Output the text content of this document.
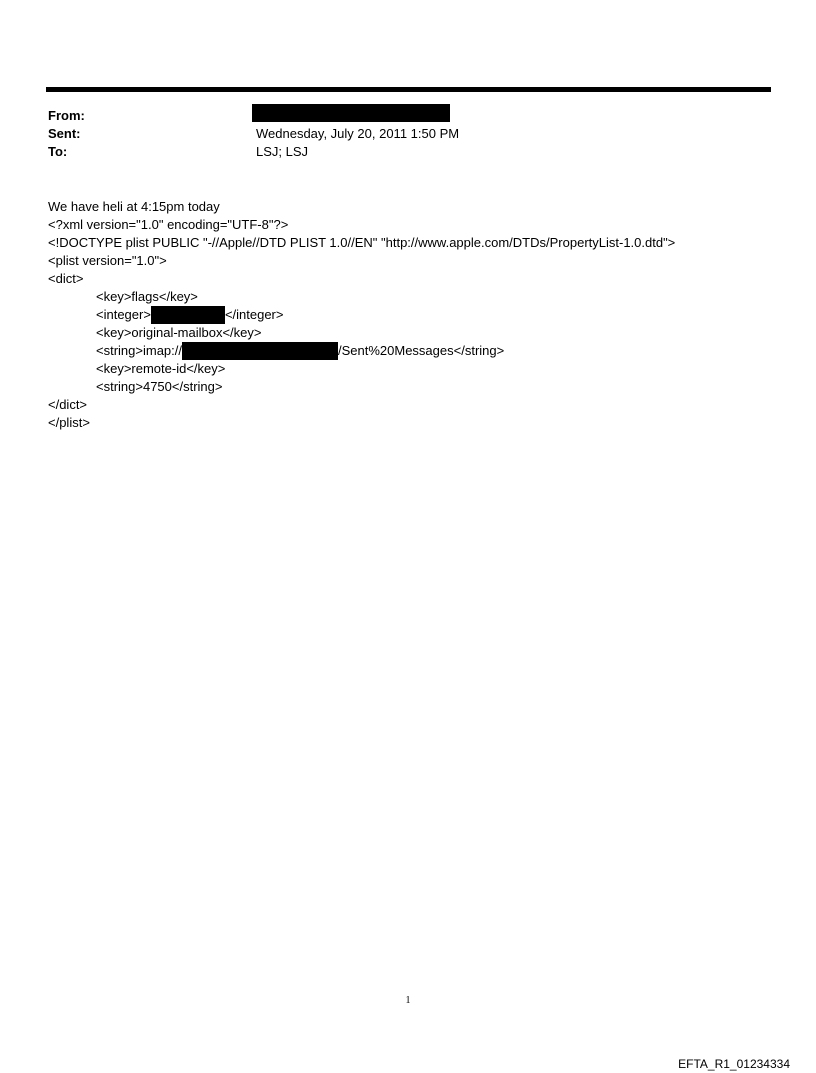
From:
Sent:	Wednesday, July 20, 2011 1:50 PM
To:	LSJ; LSJ
We have heli at 4:15pm today
<?xml version="1.0" encoding="UTF-8"?>
<!DOCTYPE plist PUBLIC "-//Apple//DTD PLIST 1.0//EN" "http://www.apple.com/DTDs/PropertyList-1.0.dtd">
<plist version="1.0">
<dict>
<key>flags</key>
<integer>	</integer>
<key>original-mailbox</key>
<string>imap://	/Sent%20Messages</string>
<key>remote-id</key>
<string>4750</string>
</dict>
</plist>
1
EFTA_R1_01234334
